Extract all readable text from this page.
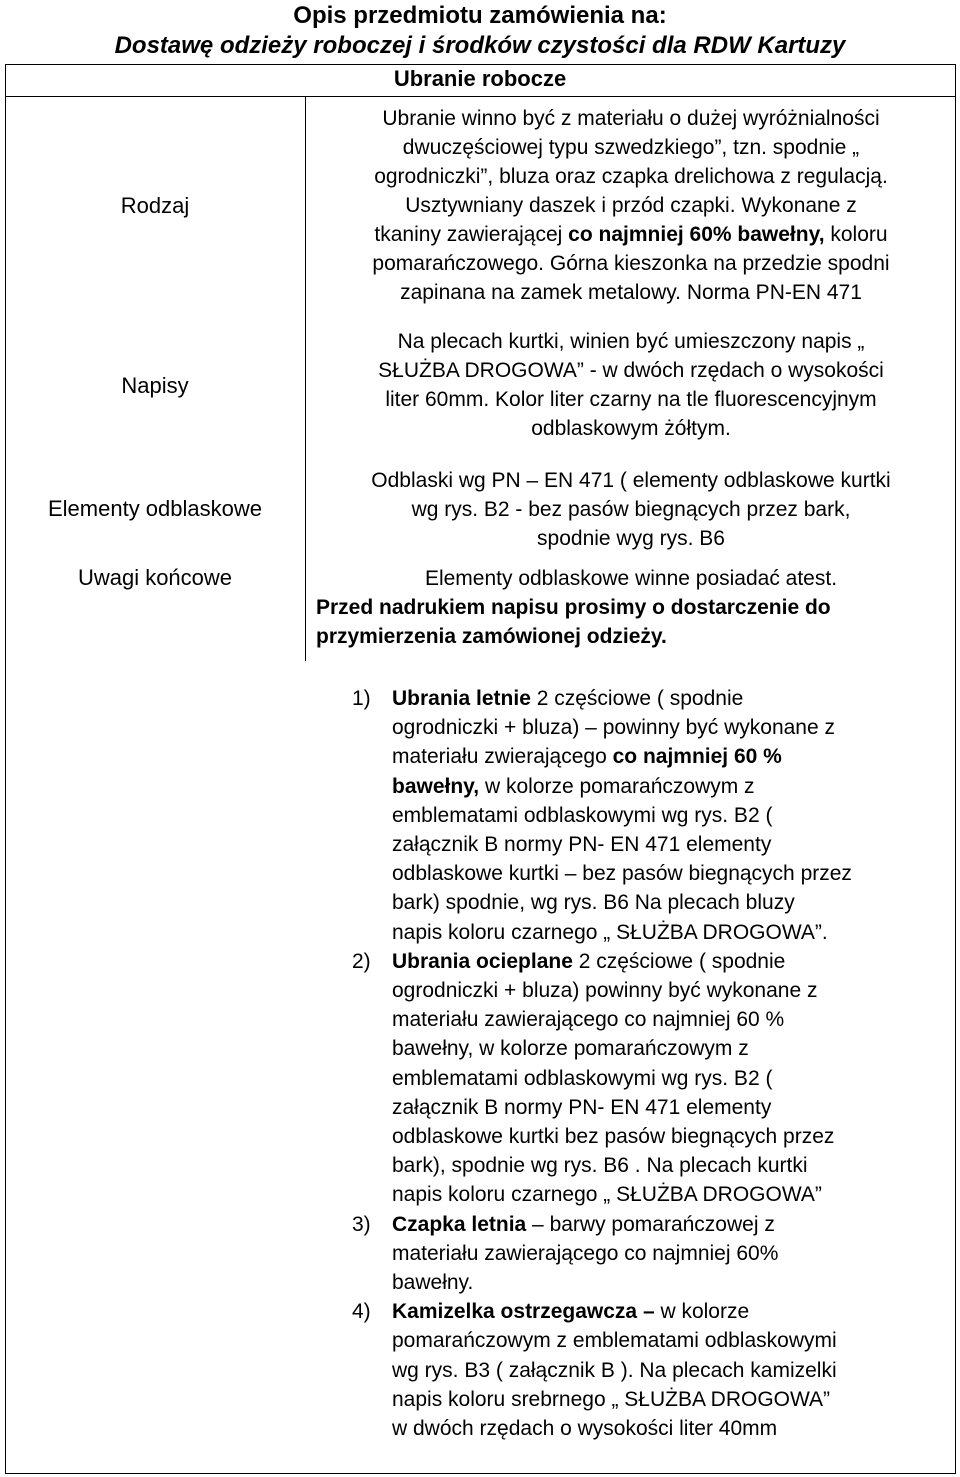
Opis przedmiotu zamówienia na:
Dostawę odzieży roboczej i środków czystości dla RDW Kartuzy
Ubranie robocze
Rodzaj
Ubranie winno być z materiału o dużej wyróżnialności
dwuczęściowej typu szwedzkiego”, tzn. spodnie „
ogrodniczki”, bluza oraz czapka drelichowa z regulacją.
Usztywniany daszek i przód czapki. Wykonane z
tkaniny zawierającej co najmniej 60% bawełny, koloru
pomarańczowego. Górna kieszonka na przedzie spodni
zapinana na zamek metalowy. Norma PN-EN 471
Napisy
Na plecach kurtki, winien być umieszczony napis „
SŁUŻBA DROGOWA” - w dwóch rzędach o wysokości
liter 60mm. Kolor liter czarny na tle fluorescencyjnym
odblaskowym żółtym.
Elementy odblaskowe
Odblaski wg PN – EN 471 ( elementy odblaskowe kurtki
wg rys. B2 - bez pasów biegnących przez bark,
spodnie wyg rys. B6
Uwagi końcowe	Elementy odblaskowe winne posiadać atest.
Przed nadrukiem napisu prosimy o dostarczenie do
przymierzenia zamówionej odzieży.
1) Ubrania letnie 2 częściowe ( spodnie
ogrodniczki + bluza) – powinny być wykonane z
materiału zwierającego co najmniej 60 %
bawełny, w kolorze pomarańczowym z
emblematami odblaskowymi wg rys. B2 (
załącznik B normy PN- EN 471 elementy
odblaskowe kurtki – bez pasów biegnących przez
bark) spodnie, wg rys. B6 Na plecach bluzy
napis koloru czarnego „ SŁUŻBA DROGOWA”.
2) Ubrania ocieplane 2 częściowe ( spodnie
ogrodniczki + bluza) powinny być wykonane z
materiału zawierającego co najmniej 60 %
bawełny, w kolorze pomarańczowym z
emblematami odblaskowymi wg rys. B2 (
załącznik B normy PN- EN 471 elementy
odblaskowe kurtki bez pasów biegnących przez
bark), spodnie wg rys. B6 . Na plecach kurtki
napis koloru czarnego „ SŁUŻBA DROGOWA”
3) Czapka letnia – barwy pomarańczowej z
materiału zawierającego co najmniej 60%
bawełny.
4) Kamizelka ostrzegawcza – w kolorze
pomarańczowym z emblematami odblaskowymi
wg rys. B3 ( załącznik B ). Na plecach kamizelki
napis koloru srebrnego „ SŁUŻBA DROGOWA”
w dwóch rzędach o wysokości liter 40mm
